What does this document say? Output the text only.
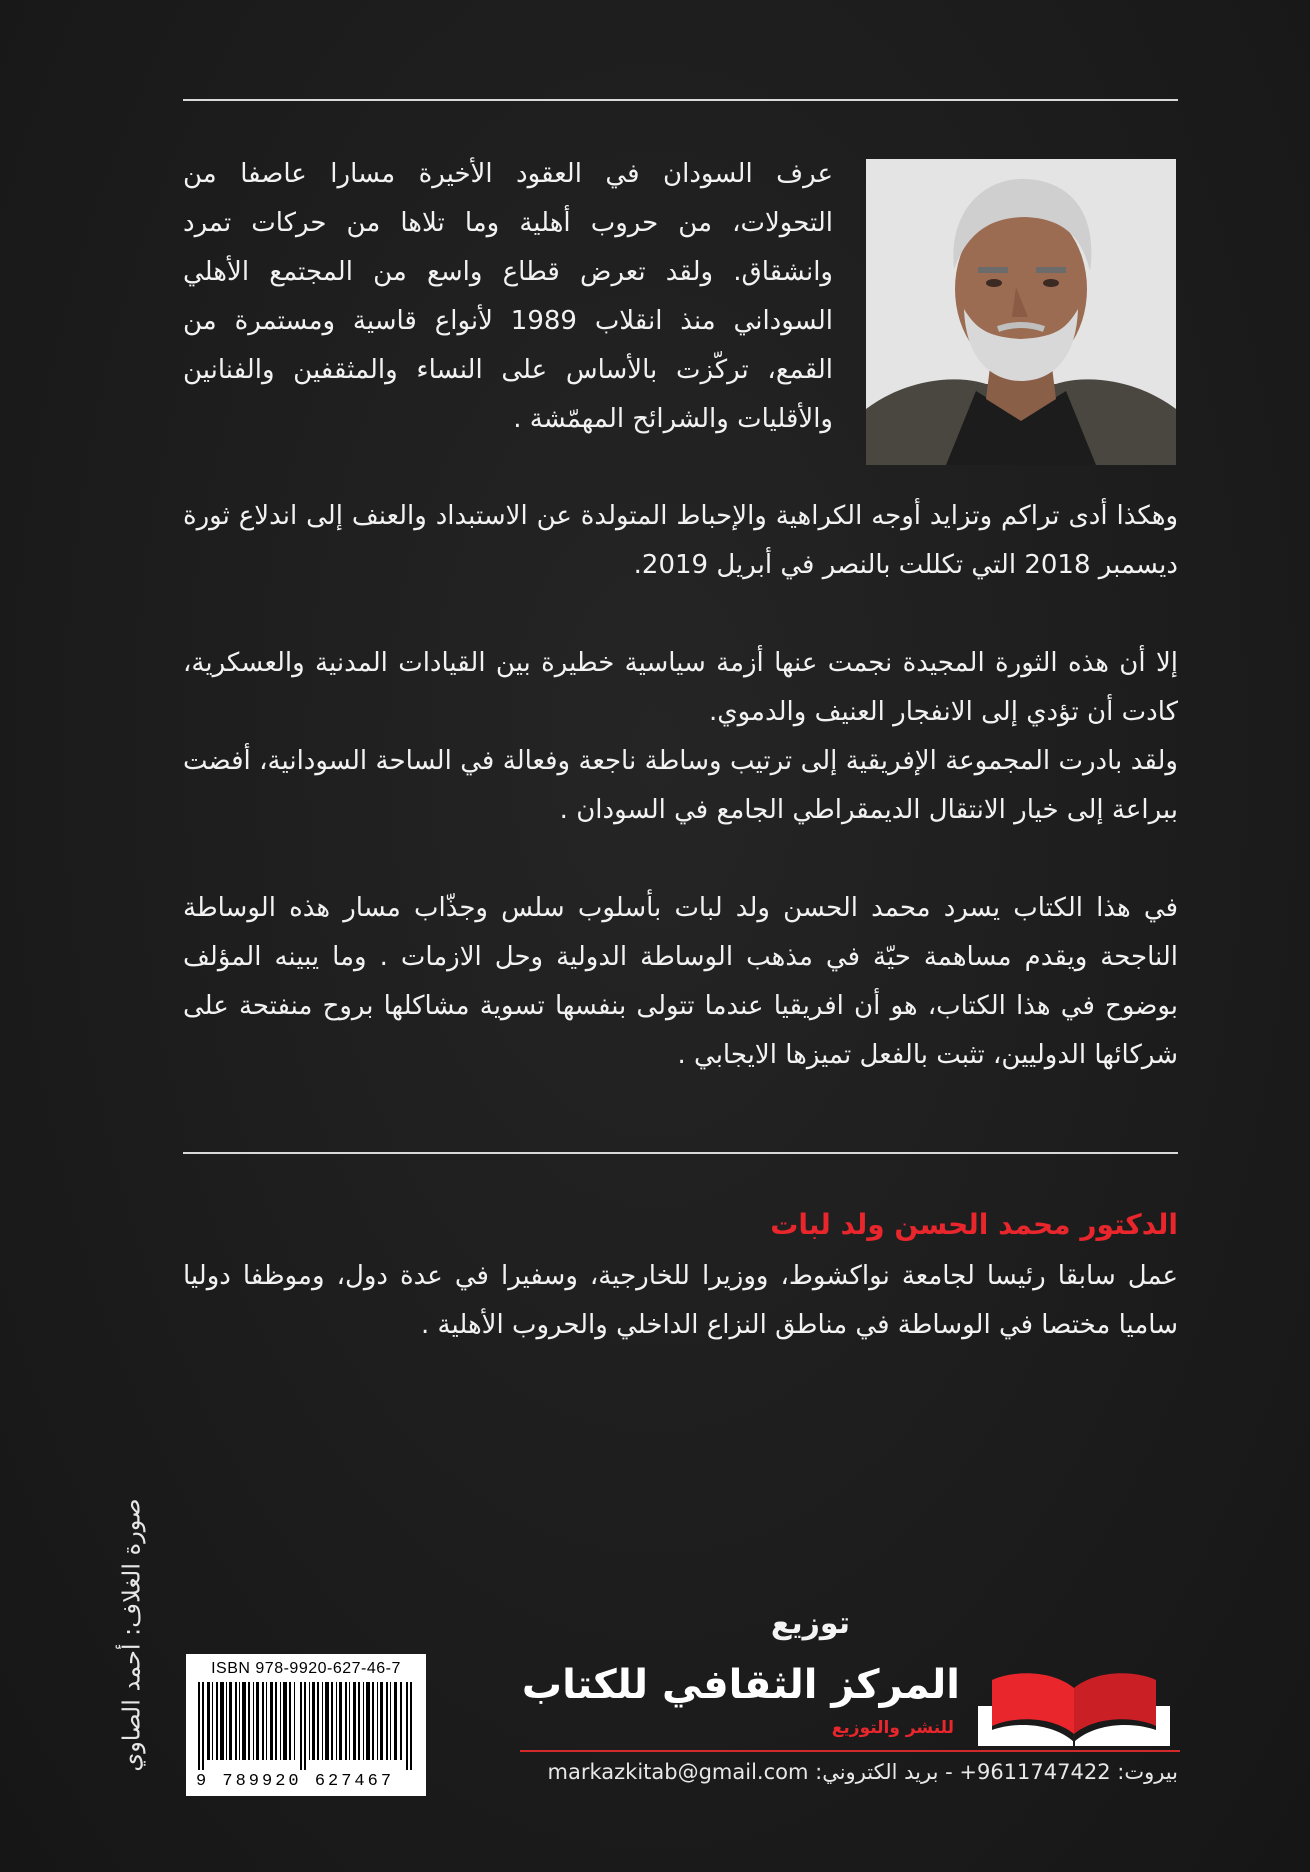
عرف السودان في العقود الأخيرة مسارا عاصفا من التحولات، من حروب أهلية وما تلاها من حركات تمرد وانشقاق. ولقد تعرض قطاع واسع من المجتمع الأهلي السوداني منذ انقلاب 1989 لأنواع قاسية ومستمرة من القمع، تركّزت بالأساس على النساء والمثقفين والفنانين والأقليات والشرائح المهمّشة .
وهكذا أدى تراكم وتزايد أوجه الكراهية والإحباط المتولدة عن الاستبداد والعنف إلى اندلاع ثورة ديسمبر 2018 التي تكللت بالنصر في أبريل 2019.
إلا أن هذه الثورة المجيدة نجمت عنها أزمة سياسية خطيرة بين القيادات المدنية والعسكرية، كادت أن تؤدي إلى الانفجار العنيف والدموي.
ولقد بادرت المجموعة الإفريقية إلى ترتيب وساطة ناجعة وفعالة في الساحة السودانية، أفضت ببراعة إلى خيار الانتقال الديمقراطي الجامع في السودان .
في هذا الكتاب يسرد محمد الحسن ولد لبات بأسلوب سلس وجذّاب مسار هذه الوساطة الناجحة ويقدم مساهمة حيّة في مذهب الوساطة الدولية وحل الازمات . وما يبينه المؤلف بوضوح في هذا الكتاب، هو أن افريقيا عندما تتولى بنفسها تسوية مشاكلها بروح منفتحة على شركائها الدوليين، تثبت بالفعل تميزها الايجابي .
الدكتور محمد الحسن ولد لبات
عمل سابقا رئيسا لجامعة نواكشوط، ووزيرا للخارجية، وسفيرا في عدة دول، وموظفا دوليا ساميا مختصا في الوساطة في مناطق النزاع الداخلي والحروب الأهلية .
صورة الغلاف: أحمد الصاوي	ISBN 978-9920-627-46-7
9 789920 627467
توزيع
المركز الثقافي للكتاب
للنشر والتوزيع
بيروت: 9611747422+ - بريد الكتروني: markazkitab@gmail.com
